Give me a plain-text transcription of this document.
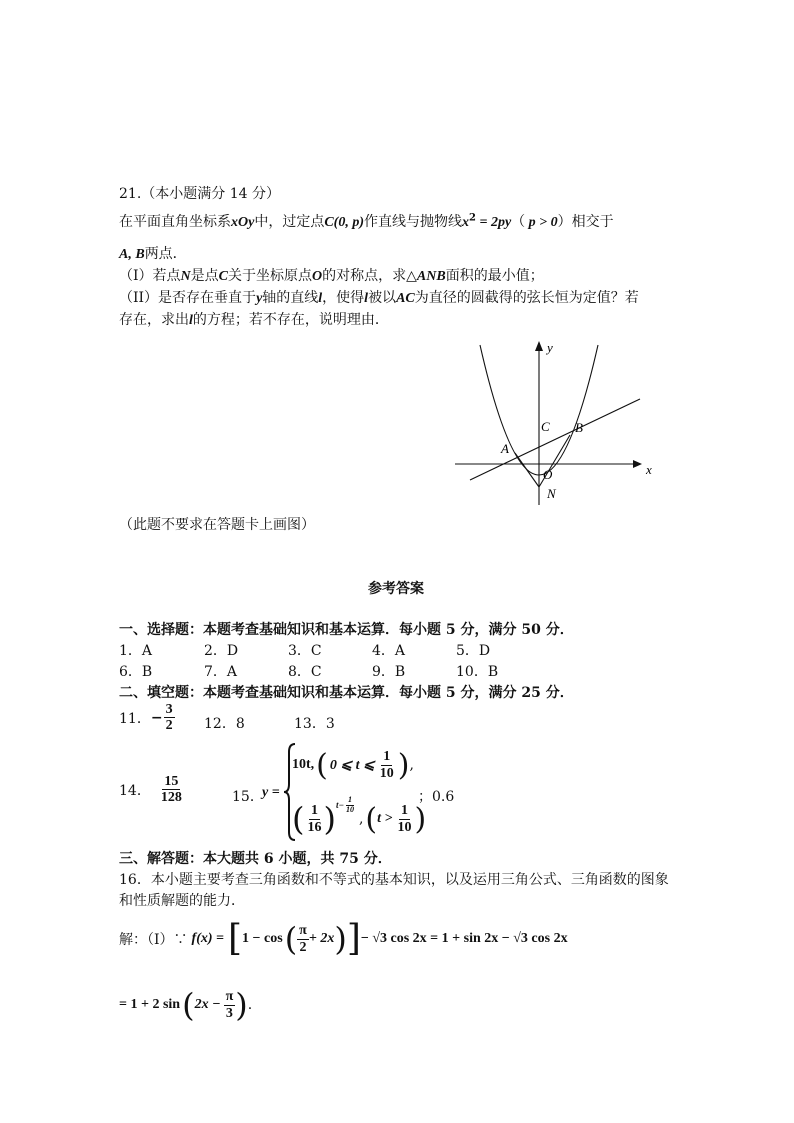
21.（本小题满分 14 分）
在平面直角坐标系xOy中，过定点C(0, p)作直线与抛物线$x^2 = 2py$（ p > 0）相交于
A, B两点．
（I）若点N是点C关于坐标原点O的对称点，求△ANB面积的最小值；
（II）是否存在垂直于y轴的直线l，使得l被以AC为直径的圆截得的弦长恒为定值？若
存在，求出l的方程；若不存在，说明理由．
y
x
A
B
C
O
N
（此题不要求在答题卡上画图）
参考答案
一、选择题：本题考查基础知识和基本运算．每小题 5 分，满分 50 分．
1．A	2．D	3．C	4．A	5．D
6．B	7．A	8．C	9．B	10．B
二、填空题：本题考查基础知识和基本运算．每小题 5 分，满分 25 分．
11． − $\frac{3}{2} 12$．8	13．3
14． $\frac{15}{128}$	15．
y =
10t, ( 0 ⩽ t ⩽ $\frac{1}{10}$ ) ,
( $\frac{1}{16}$ ) $t- \frac{1}{10}$
, ( $t > \frac{1}{10}$ )
；0.6
三、解答题：本大题共 6 小题，共 75 分．
16．本小题主要考查三角函数和不等式的基本知识，以及运用三角公式、三角函数的图象
和性质解题的能力．
解：（I）∵ f(x) = [ 1 − cos ( $\frac{\pi}{2} + 2x$ ) ] − √3 cos 2x = 1 + sin 2x − √3 cos 2x
= 1 + 2 sin ( $2x - \frac{\pi}{3}$ ) .
